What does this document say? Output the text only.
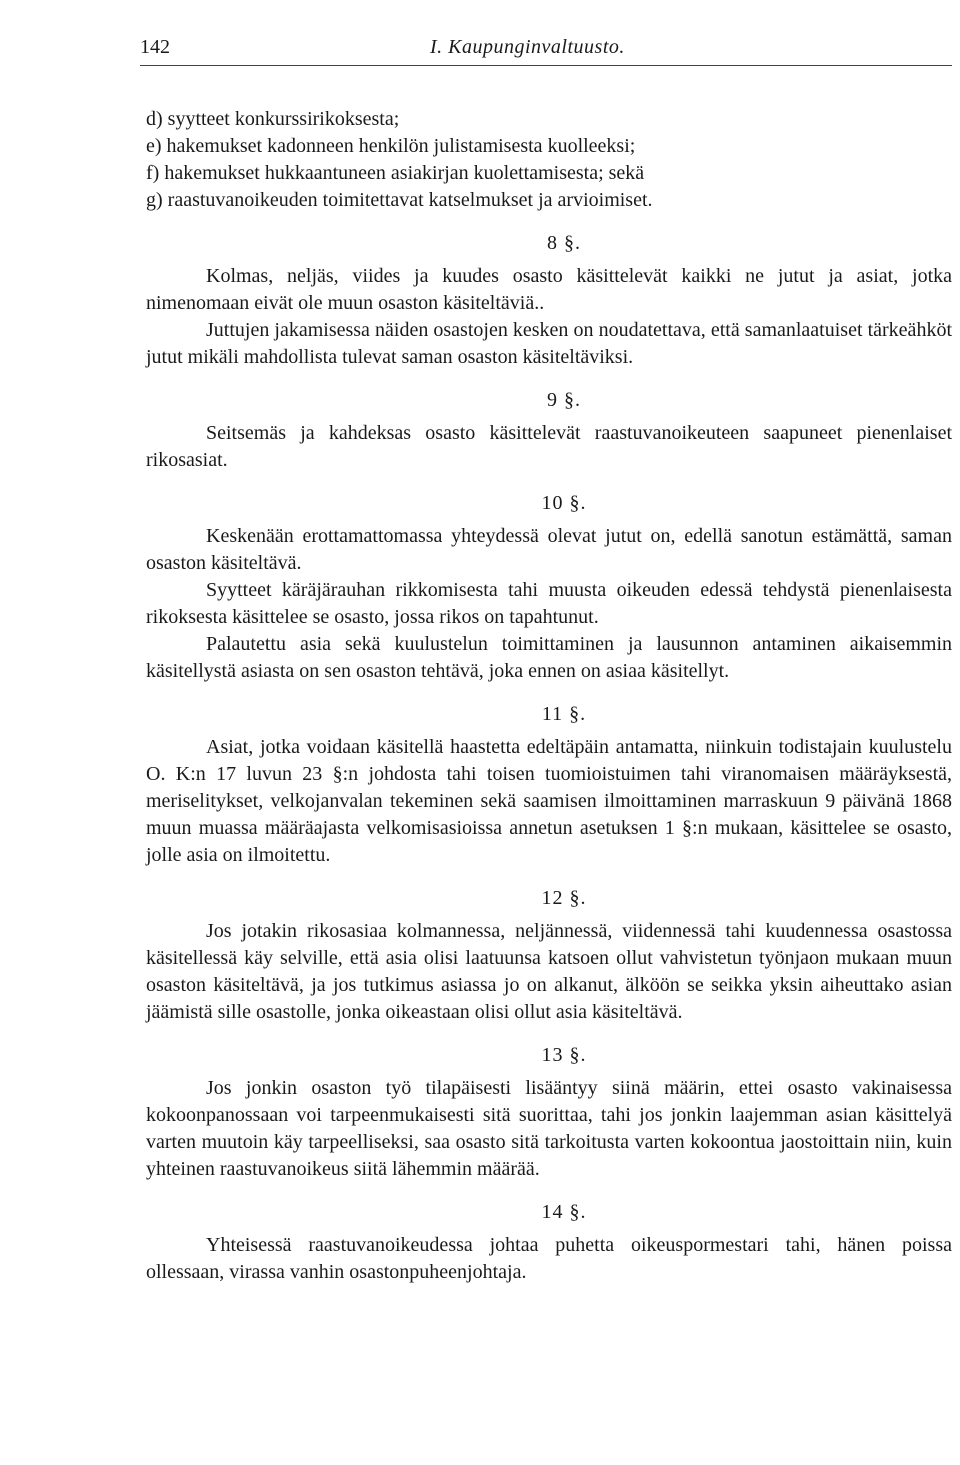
142	I. Kaupunginvaltuusto.

d) syytteet konkurssirikoksesta;

e) hakemukset kadonneen henkilön julistamisesta kuolleeksi;

f) hakemukset hukkaantuneen asiakirjan kuolettamisesta; sekä

g) raastuvanoikeuden toimitettavat katselmukset ja arvioimiset.

8 §.

Kolmas, neljäs, viides ja kuudes osasto käsittelevät kaikki ne jutut ja asiat, jotka nimenomaan eivät ole muun osaston käsiteltäviä..

Juttujen jakamisessa näiden osastojen kesken on noudatettava, että samanlaatuiset tärkeähköt jutut mikäli mahdollista tulevat saman osaston käsiteltäviksi.

9 §.

Seitsemäs ja kahdeksas osasto käsittelevät raastuvanoikeuteen saapuneet pienenlaiset rikosasiat.

10 §.

Keskenään erottamattomassa yhteydessä olevat jutut on, edellä sanotun estämättä, saman osaston käsiteltävä.

Syytteet käräjärauhan rikkomisesta tahi muusta oikeuden edessä tehdystä pienenlaisesta rikoksesta käsittelee se osasto, jossa rikos on tapahtunut.

Palautettu asia sekä kuulustelun toimittaminen ja lausunnon antaminen aikaisemmin käsitellystä asiasta on sen osaston tehtävä, joka ennen on asiaa käsitellyt.

11 §.

Asiat, jotka voidaan käsitellä haastetta edeltäpäin antamatta, niinkuin todistajain kuulustelu O. K:n 17 luvun 23 §:n johdosta tahi toisen tuomioistuimen tahi viranomaisen määräyksestä, meriselitykset, velkojanvalan tekeminen sekä saamisen ilmoittaminen marraskuun 9 päivänä 1868 muun muassa määräajasta velkomisasioissa annetun asetuksen 1 §:n mukaan, käsittelee se osasto, jolle asia on ilmoitettu.

12 §.

Jos jotakin rikosasiaa kolmannessa, neljännessä, viidennessä tahi kuudennessa osastossa käsitellessä käy selville, että asia olisi laatuunsa katsoen ollut vahvistetun työnjaon mukaan muun osaston käsiteltävä, ja jos tutkimus asiassa jo on alkanut, älköön se seikka yksin aiheuttako asian jäämistä sille osastolle, jonka oikeastaan olisi ollut asia käsiteltävä.

13 §.

Jos jonkin osaston työ tilapäisesti lisääntyy siinä määrin, ettei osasto vakinaisessa kokoonpanossaan voi tarpeenmukaisesti sitä suorittaa, tahi jos jonkin laajemman asian käsittelyä varten muutoin käy tarpeelliseksi, saa osasto sitä tarkoitusta varten kokoontua jaostoittain niin, kuin yhteinen raastuvanoikeus siitä lähemmin määrää.

14 §.

Yhteisessä raastuvanoikeudessa johtaa puhetta oikeuspormestari tahi, hänen poissa ollessaan, virassa vanhin osastonpuheenjohtaja.
